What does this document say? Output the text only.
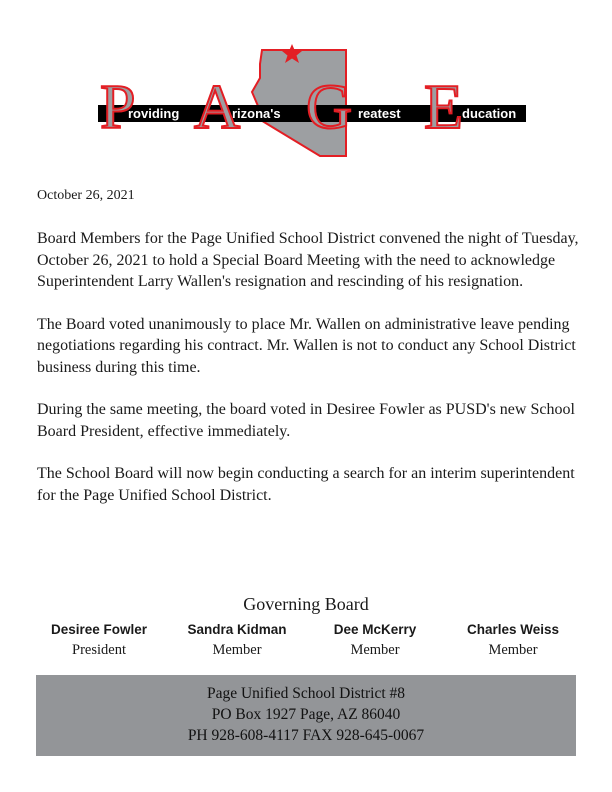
roviding	rizona's	reatest	ducation
P A G E
October 26, 2021

Board Members for the Page Unified School District convened the night of Tuesday, October 26, 2021 to hold a Special Board Meeting with the need to acknowledge Superintendent Larry Wallen's resignation and rescinding of his resignation.

The Board voted unanimously to place Mr. Wallen on administrative leave pending negotiations regarding his contract. Mr. Wallen is not to conduct any School District business during this time.

During the same meeting, the board voted in Desiree Fowler as PUSD's new School Board President, effective immediately.

The School Board will now begin conducting a search for an interim superintendent for the Page Unified School District.

Governing Board
Desiree Fowler
President
Sandra Kidman
Member
Dee McKerry
Member
Charles Weiss
Member
Page Unified School District #8
PO Box 1927 Page, AZ 86040
PH 928-608-4117 FAX 928-645-0067
